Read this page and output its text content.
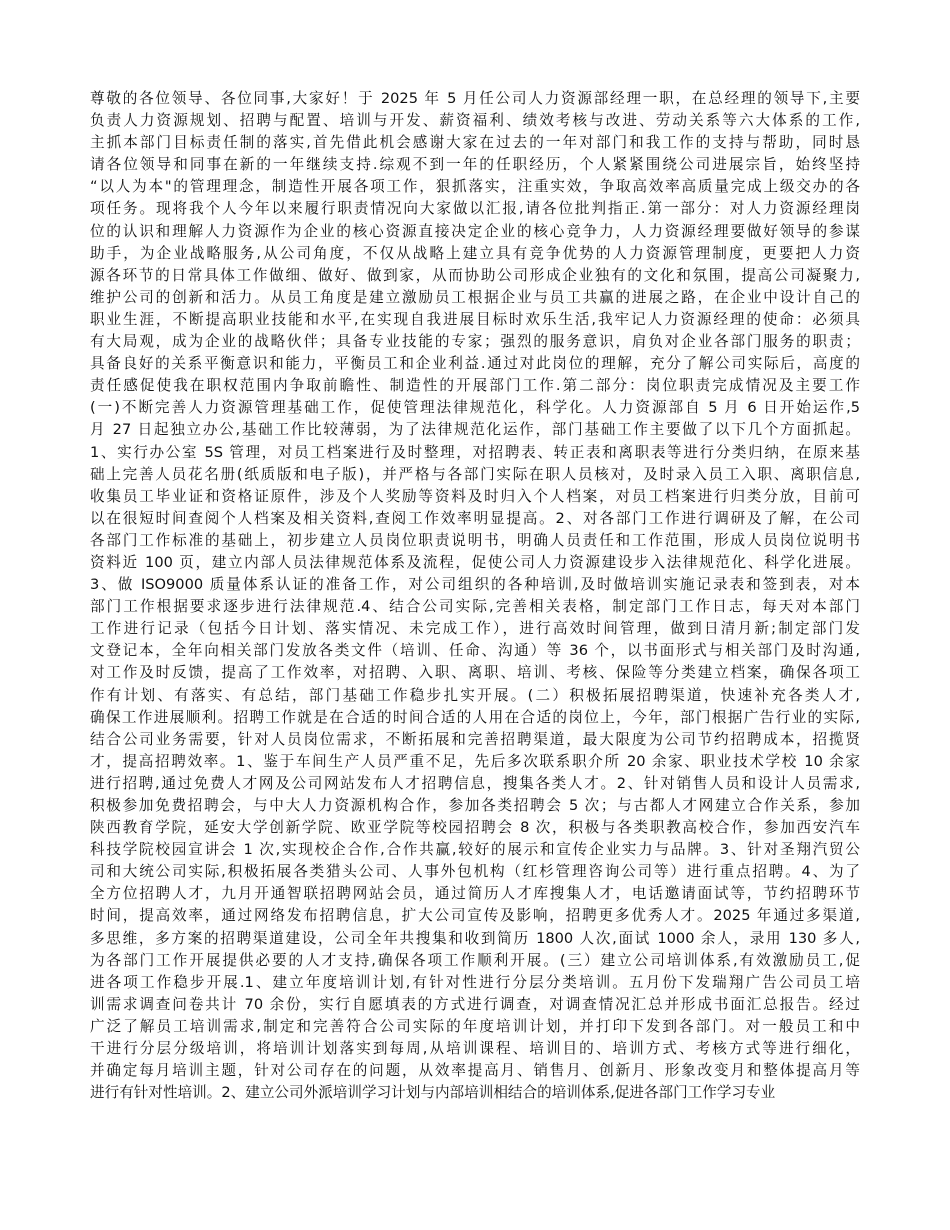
尊敬的各位领导、各位同事,大家好！于 2025 年 5 月任公司人力资源部经理一职，在总经理的领导下,主要
负责人力资源规划、招聘与配置、培训与开发、薪资福利、绩效考核与改进、劳动关系等六大体系的工作,
主抓本部门目标责任制的落实,首先借此机会感谢大家在过去的一年对部门和我工作的支持与帮助，同时恳
请各位领导和同事在新的一年继续支持.综观不到一年的任职经历，个人紧紧围绕公司进展宗旨，始终坚持
“以人为本"的管理理念，制造性开展各项工作，狠抓落实，注重实效，争取高效率高质量完成上级交办的各
项任务。现将我个人今年以来履行职责情况向大家做以汇报,请各位批判指正.第一部分：对人力资源经理岗
位的认识和理解人力资源作为企业的核心资源直接决定企业的核心竞争力，人力资源经理要做好领导的参谋
助手，为企业战略服务,从公司角度，不仅从战略上建立具有竞争优势的人力资源管理制度，更要把人力资
源各环节的日常具体工作做细、做好、做到家，从而协助公司形成企业独有的文化和氛围，提高公司凝聚力,
维护公司的创新和活力。从员工角度是建立激励员工根据企业与员工共赢的进展之路，在企业中设计自己的
职业生涯，不断提高职业技能和水平,在实现自我进展目标时欢乐生活,我牢记人力资源经理的使命：必须具
有大局观，成为企业的战略伙伴；具备专业技能的专家；强烈的服务意识，肩负对企业各部门服务的职责；
具备良好的关系平衡意识和能力，平衡员工和企业利益.通过对此岗位的理解，充分了解公司实际后，高度的
责任感促使我在职权范围内争取前瞻性、制造性的开展部门工作.第二部分：岗位职责完成情况及主要工作
(一)不断完善人力资源管理基础工作，促使管理法律规范化，科学化。人力资源部自 5 月 6 日开始运作,5
月 27 日起独立办公,基础工作比较薄弱，为了法律规范化运作，部门基础工作主要做了以下几个方面抓起。
1、实行办公室 5S 管理，对员工档案进行及时整理，对招聘表、转正表和离职表等进行分类归纳，在原来基
础上完善人员花名册(纸质版和电子版)，并严格与各部门实际在职人员核对，及时录入员工入职、离职信息,
收集员工毕业证和资格证原件，涉及个人奖励等资料及时归入个人档案，对员工档案进行归类分放，目前可
以在很短时间查阅个人档案及相关资料,查阅工作效率明显提高。2、对各部门工作进行调研及了解，在公司
各部门工作标准的基础上，初步建立人员岗位职责说明书，明确人员责任和工作范围，形成人员岗位说明书
资料近 100 页，建立内部人员法律规范体系及流程，促使公司人力资源建设步入法律规范化、科学化进展。
3、做 ISO9000 质量体系认证的准备工作，对公司组织的各种培训,及时做培训实施记录表和签到表，对本
部门工作根据要求逐步进行法律规范.4、结合公司实际,完善相关表格，制定部门工作日志，每天对本部门
工作进行记录（包括今日计划、落实情况、未完成工作），进行高效时间管理，做到日清月新;制定部门发
文登记本，全年向相关部门发放各类文件（培训、任命、沟通）等 36 个，以书面形式与相关部门及时沟通,
对工作及时反馈，提高了工作效率，对招聘、入职、离职、培训、考核、保险等分类建立档案，确保各项工
作有计划、有落实、有总结，部门基础工作稳步扎实开展。(二）积极拓展招聘渠道，快速补充各类人才,
确保工作进展顺利。招聘工作就是在合适的时间合适的人用在合适的岗位上，今年，部门根据广告行业的实际,
结合公司业务需要，针对人员岗位需求，不断拓展和完善招聘渠道，最大限度为公司节约招聘成本，招揽贤
才，提高招聘效率。1、鉴于车间生产人员严重不足，先后多次联系职介所 20 余家、职业技术学校 10 余家
进行招聘,通过免费人才网及公司网站发布人才招聘信息，搜集各类人才。2、针对销售人员和设计人员需求,
积极参加免费招聘会，与中大人力资源机构合作，参加各类招聘会 5 次；与古都人才网建立合作关系，参加
陕西教育学院，延安大学创新学院、欧亚学院等校园招聘会 8 次，积极与各类职教高校合作，参加西安汽车
科技学院校园宣讲会 1 次,实现校企合作,合作共赢,较好的展示和宣传企业实力与品牌。3、针对圣翔汽贸公
司和大统公司实际,积极拓展各类猎头公司、人事外包机构（红杉管理咨询公司等）进行重点招聘。4、为了
全方位招聘人才，九月开通智联招聘网站会员，通过简历人才库搜集人才，电话邀请面试等，节约招聘环节
时间，提高效率，通过网络发布招聘信息，扩大公司宣传及影响，招聘更多优秀人才。2025 年通过多渠道,
多思维，多方案的招聘渠道建设，公司全年共搜集和收到简历 1800 人次,面试 1000 余人，录用 130 多人,
为各部门工作开展提供必要的人才支持,确保各项工作顺利开展。(三）建立公司培训体系,有效激励员工,促
进各项工作稳步开展.1、建立年度培训计划,有针对性进行分层分类培训。五月份下发瑞翔广告公司员工培
训需求调查问卷共计 70 余份，实行自愿填表的方式进行调查，对调查情况汇总并形成书面汇总报告。经过
广泛了解员工培训需求,制定和完善符合公司实际的年度培训计划，并打印下发到各部门。对一般员工和中
干进行分层分级培训，将培训计划落实到每周,从培训课程、培训目的、培训方式、考核方式等进行细化，
并确定每月培训主题，针对公司存在的问题，从效率提高月、销售月、创新月、形象改变月和整体提高月等
进行有针对性培训。2、建立公司外派培训学习计划与内部培训相结合的培训体系,促进各部门工作学习专业
